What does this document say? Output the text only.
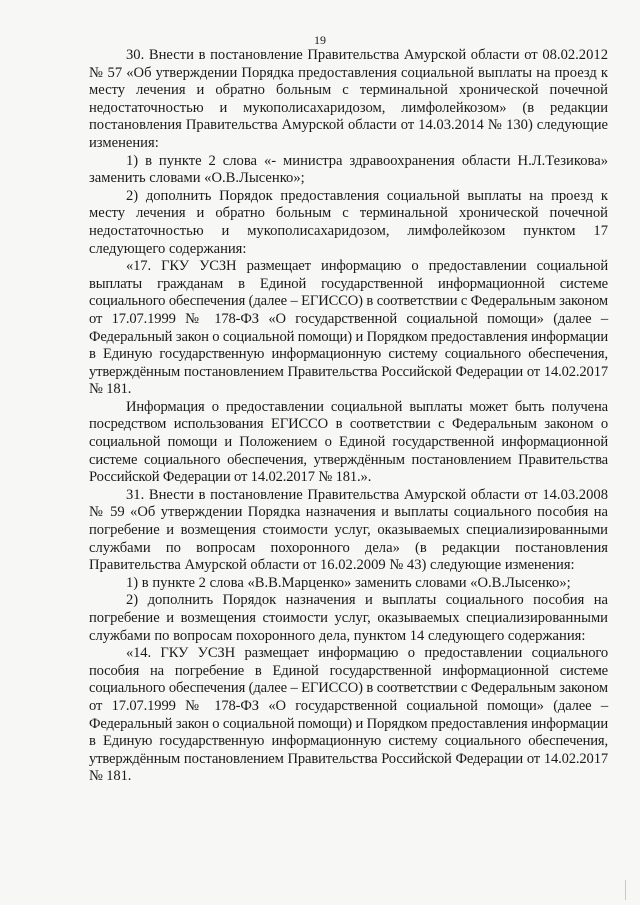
19

30. Внести в постановление Правительства Амурской области от 08.02.2012 № 57 «Об утверждении Порядка предоставления социальной выплаты на проезд к месту лечения и обратно больным с терминальной хронической почечной недостаточностью и мукополисахаридозом, лимфолейкозом» (в редакции постановления Правительства Амурской области от 14.03.2014 № 130) следующие изменения:

1) в пункте 2 слова «- министра здравоохранения области Н.Л.Тезикова» заменить словами «О.В.Лысенко»;

2) дополнить Порядок предоставления социальной выплаты на проезд к месту лечения и обратно больным с терминальной хронической почечной недостаточностью и мукополисахаридозом, лимфолейкозом пунктом 17 следующего содержания:

«17. ГКУ УСЗН размещает информацию о предоставлении социальной выплаты гражданам в Единой государственной информационной системе социального обеспечения (далее – ЕГИССО) в соответствии с Федеральным законом от 17.07.1999 № 178-ФЗ «О государственной социальной помощи» (далее – Федеральный закон о социальной помощи) и Порядком предоставления информации в Единую государственную информационную систему социального обеспечения, утверждённым постановлением Правительства Российской Федерации от 14.02.2017 № 181.

Информация о предоставлении социальной выплаты может быть получена посредством использования ЕГИССО в соответствии с Федеральным законом о социальной помощи и Положением о Единой государственной информационной системе социального обеспечения, утверждённым постановлением Правительства Российской Федерации от 14.02.2017 № 181.».

31. Внести в постановление Правительства Амурской области от 14.03.2008 № 59 «Об утверждении Порядка назначения и выплаты социального пособия на погребение и возмещения стоимости услуг, оказываемых специализированными службами по вопросам похоронного дела» (в редакции постановления Правительства Амурской области от 16.02.2009 № 43) следующие изменения:

1) в пункте 2 слова «В.В.Марценко» заменить словами «О.В.Лысенко»;

2) дополнить Порядок назначения и выплаты социального пособия на погребение и возмещения стоимости услуг, оказываемых специализированными службами по вопросам похоронного дела, пунктом 14 следующего содержания:

«14. ГКУ УСЗН размещает информацию о предоставлении социального пособия на погребение в Единой государственной информационной системе социального обеспечения (далее – ЕГИССО) в соответствии с Федеральным законом от 17.07.1999 № 178-ФЗ «О государственной социальной помощи» (далее – Федеральный закон о социальной помощи) и Порядком предоставления информации в Единую государственную информационную систему социального обеспечения, утверждённым постановлением Правительства Российской Федерации от 14.02.2017 № 181.
